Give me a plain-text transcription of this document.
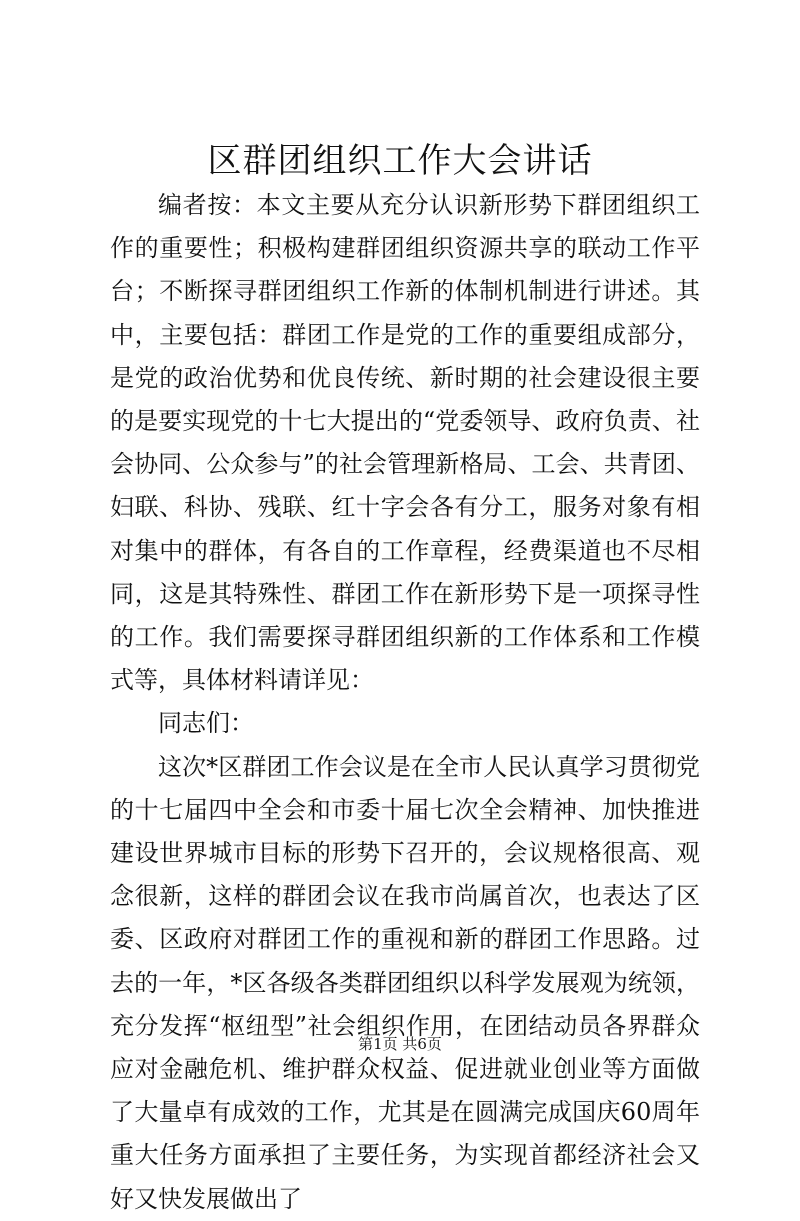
区群团组织工作大会讲话

编者按：本文主要从充分认识新形势下群团组织工作的重要性；积极构建群团组织资源共享的联动工作平台；不断探寻群团组织工作新的体制机制进行讲述。其中，主要包括：群团工作是党的工作的重要组成部分，是党的政治优势和优良传统、新时期的社会建设很主要的是要实现党的十七大提出的“党委领导、政府负责、社会协同、公众参与”的社会管理新格局、工会、共青团、妇联、科协、残联、红十字会各有分工，服务对象有相对集中的群体，有各自的工作章程，经费渠道也不尽相同，这是其特殊性、群团工作在新形势下是一项探寻性的工作。我们需要探寻群团组织新的工作体系和工作模式等，具体材料请详见：

同志们：

这次*区群团工作会议是在全市人民认真学习贯彻党的十七届四中全会和市委十届七次全会精神、加快推进建设世界城市目标的形势下召开的，会议规格很高、观念很新，这样的群团会议在我市尚属首次，也表达了区委、区政府对群团工作的重视和新的群团工作思路。过去的一年，*区各级各类群团组织以科学发展观为统领，充分发挥“枢纽型”社会组织作用，在团结动员各界群众应对金融危机、维护群众权益、促进就业创业等方面做了大量卓有成效的工作，尤其是在圆满完成国庆60周年重大任务方面承担了主要任务，为实现首都经济社会又好又快发展做出了

第1页 共6页
